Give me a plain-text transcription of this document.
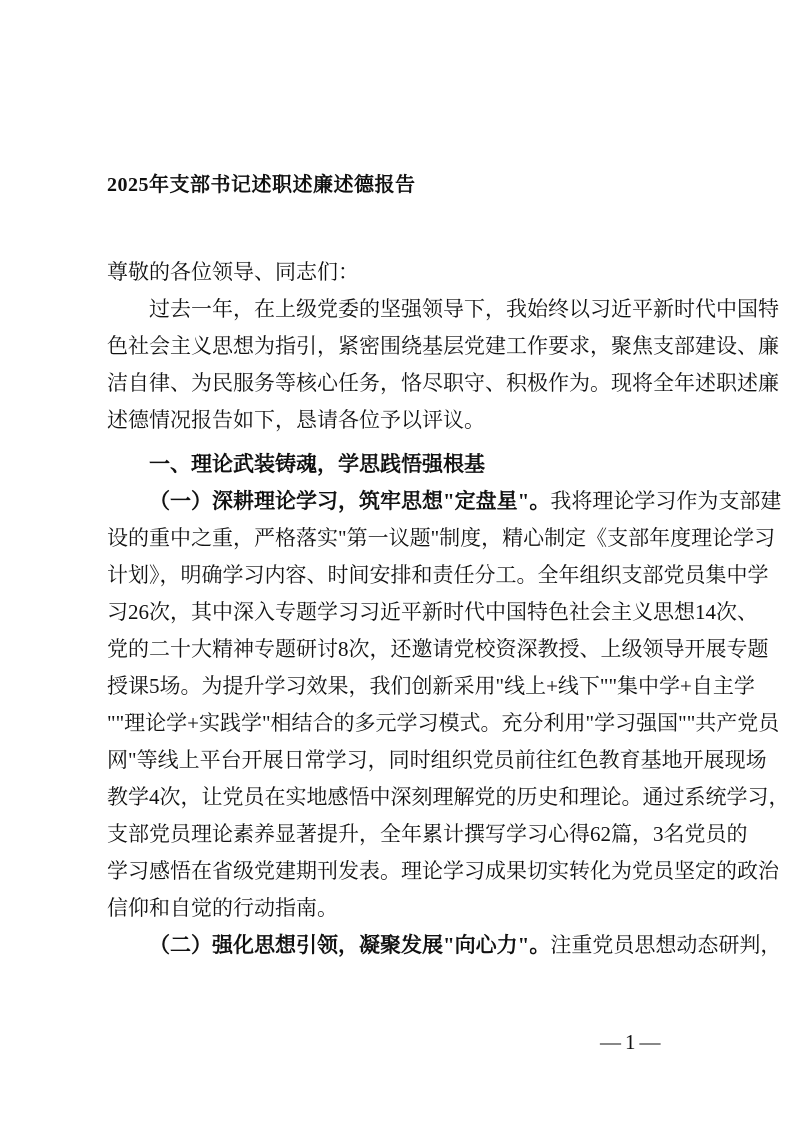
2025年支部书记述职述廉述德报告
尊敬的各位领导、同志们：
过去一年，在上级党委的坚强领导下，我始终以习近平新时代中国特
色社会主义思想为指引，紧密围绕基层党建工作要求，聚焦支部建设、廉
洁自律、为民服务等核心任务，恪尽职守、积极作为。现将全年述职述廉
述德情况报告如下，恳请各位予以评议。
一、理论武装铸魂，学思践悟强根基
（一）深耕理论学习，筑牢思想"定盘星"。我将理论学习作为支部建
设的重中之重，严格落实"第一议题"制度，精心制定《支部年度理论学习
计划》，明确学习内容、时间安排和责任分工。全年组织支部党员集中学
习26次，其中深入专题学习习近平新时代中国特色社会主义思想14次、
党的二十大精神专题研讨8次，还邀请党校资深教授、上级领导开展专题
授课5场。为提升学习效果，我们创新采用"线上+线下""集中学+自主学
""理论学+实践学"相结合的多元学习模式。充分利用"学习强国""共产党员
网"等线上平台开展日常学习，同时组织党员前往红色教育基地开展现场
教学4次，让党员在实地感悟中深刻理解党的历史和理论。通过系统学习，
支部党员理论素养显著提升，全年累计撰写学习心得62篇，3名党员的
学习感悟在省级党建期刊发表。理论学习成果切实转化为党员坚定的政治
信仰和自觉的行动指南。
（二）强化思想引领，凝聚发展"向心力"。注重党员思想动态研判，
—1—
